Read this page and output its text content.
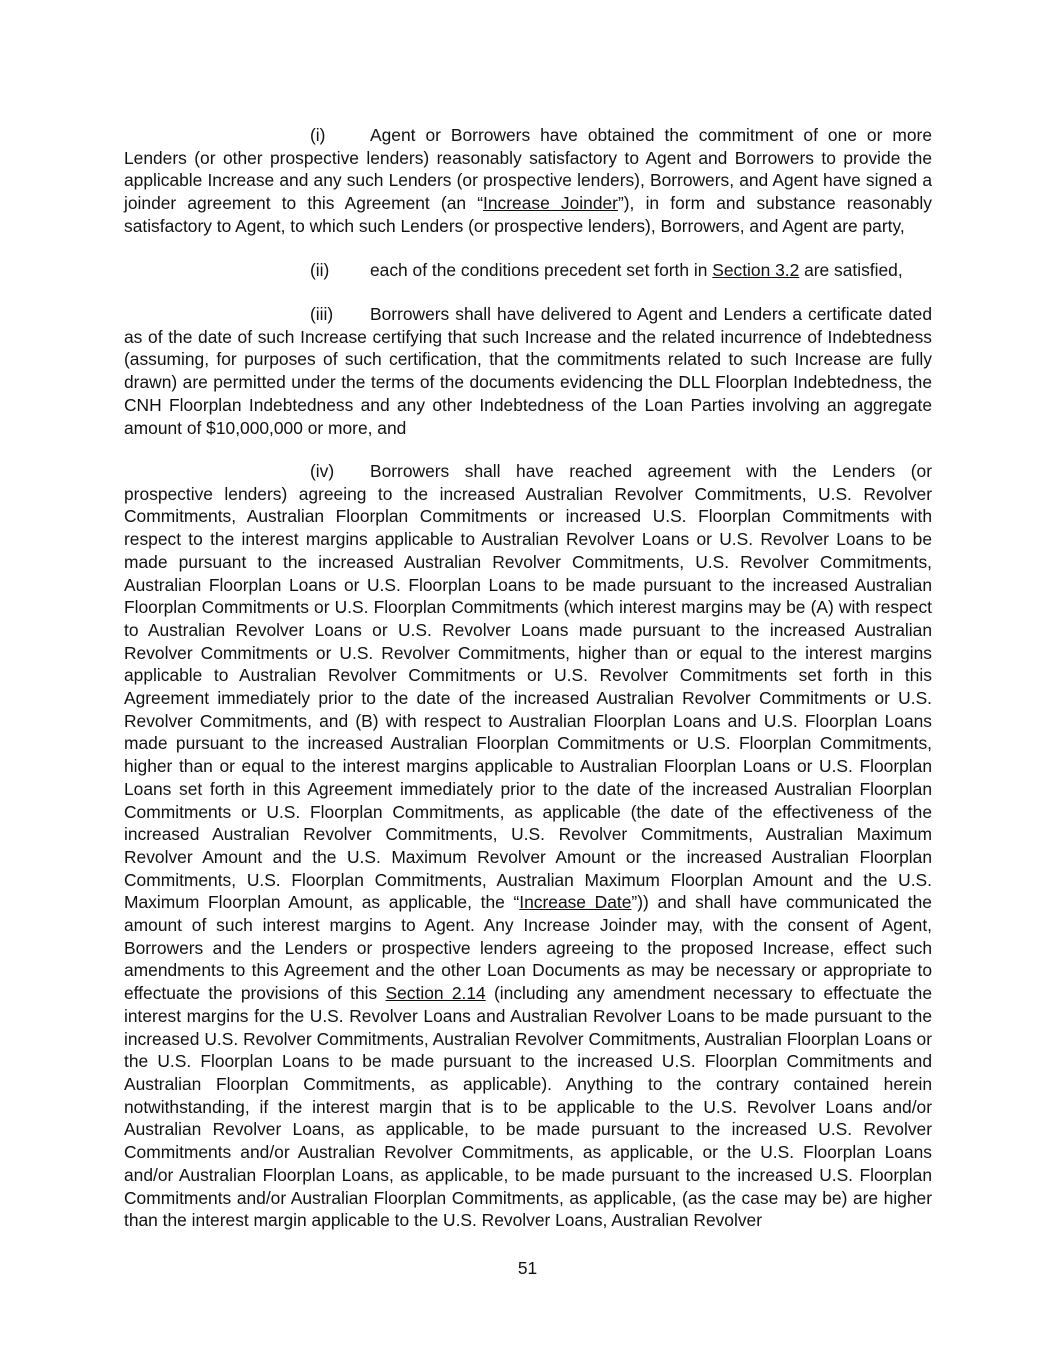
(i)	Agent or Borrowers have obtained the commitment of one or more Lenders (or other prospective lenders) reasonably satisfactory to Agent and Borrowers to provide the applicable Increase and any such Lenders (or prospective lenders), Borrowers, and Agent have signed a joinder agreement to this Agreement (an “Increase Joinder”), in form and substance reasonably satisfactory to Agent, to which such Lenders (or prospective lenders), Borrowers, and Agent are party,

(ii) each of the conditions precedent set forth in Section 3.2 are satisfied,

(iii) Borrowers shall have delivered to Agent and Lenders a certificate dated as of the date of such Increase certifying that such Increase and the related incurrence of Indebtedness (assuming, for purposes of such certification, that the commitments related to such Increase are fully drawn) are permitted under the terms of the documents evidencing the DLL Floorplan Indebtedness, the CNH Floorplan Indebtedness and any other Indebtedness of the Loan Parties involving an aggregate amount of $10,000,000 or more, and

(iv) Borrowers shall have reached agreement with the Lenders (or prospective lenders) agreeing to the increased Australian Revolver Commitments, U.S. Revolver Commitments, Australian Floorplan Commitments or increased U.S. Floorplan Commitments with respect to the interest margins applicable to Australian Revolver Loans or U.S. Revolver Loans to be made pursuant to the increased Australian Revolver Commitments, U.S. Revolver Commitments, Australian Floorplan Loans or U.S. Floorplan Loans to be made pursuant to the increased Australian Floorplan Commitments or U.S. Floorplan Commitments (which interest margins may be (A) with respect to Australian Revolver Loans or U.S. Revolver Loans made pursuant to the increased Australian Revolver Commitments or U.S. Revolver Commitments, higher than or equal to the interest margins applicable to Australian Revolver Commitments or U.S. Revolver Commitments set forth in this Agreement immediately prior to the date of the increased Australian Revolver Commitments or U.S. Revolver Commitments, and (B) with respect to Australian Floorplan Loans and U.S. Floorplan Loans made pursuant to the increased Australian Floorplan Commitments or U.S. Floorplan Commitments, higher than or equal to the interest margins applicable to Australian Floorplan Loans or U.S. Floorplan Loans set forth in this Agreement immediately prior to the date of the increased Australian Floorplan Commitments or U.S. Floorplan Commitments, as applicable (the date of the effectiveness of the increased Australian Revolver Commitments, U.S. Revolver Commitments, Australian Maximum Revolver Amount and the U.S. Maximum Revolver Amount or the increased Australian Floorplan Commitments, U.S. Floorplan Commitments, Australian Maximum Floorplan Amount and the U.S. Maximum Floorplan Amount, as applicable, the “Increase Date”)) and shall have communicated the amount of such interest margins to Agent. Any Increase Joinder may, with the consent of Agent, Borrowers and the Lenders or prospective lenders agreeing to the proposed Increase, effect such amendments to this Agreement and the other Loan Documents as may be necessary or appropriate to effectuate the provisions of this Section 2.14 (including any amendment necessary to effectuate the interest margins for the U.S. Revolver Loans and Australian Revolver Loans to be made pursuant to the increased U.S. Revolver Commitments, Australian Revolver Commitments, Australian Floorplan Loans or the U.S. Floorplan Loans to be made pursuant to the increased U.S. Floorplan Commitments and Australian Floorplan Commitments, as applicable). Anything to the contrary contained herein notwithstanding, if the interest margin that is to be applicable to the U.S. Revolver Loans and/or Australian Revolver Loans, as applicable, to be made pursuant to the increased U.S. Revolver Commitments and/or Australian Revolver Commitments, as applicable, or the U.S. Floorplan Loans and/or Australian Floorplan Loans, as applicable, to be made pursuant to the increased U.S. Floorplan Commitments and/or Australian Floorplan Commitments, as applicable, (as the case may be) are higher than the interest margin applicable to the U.S. Revolver Loans, Australian Revolver

51
